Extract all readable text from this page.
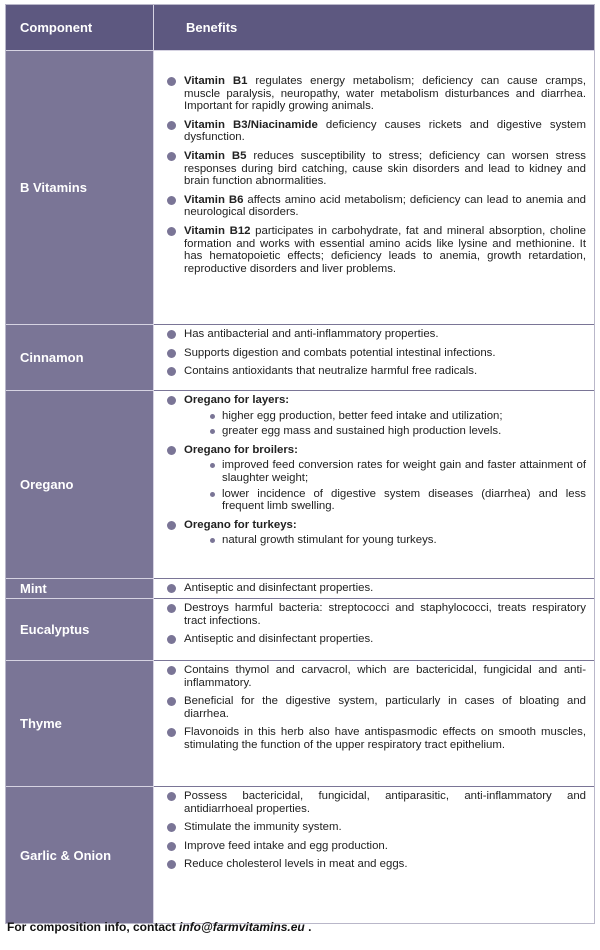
Component	Benefits
B Vitamins
Vitamin B1 regulates energy metabolism; deficiency can cause cramps, muscle paralysis, neuropathy, water metabolism disturbances and diarrhea. Important for rapidly growing animals.
Vitamin B3/Niacinamide deficiency causes rickets and digestive system dysfunction.
Vitamin B5 reduces susceptibility to stress; deficiency can worsen stress responses during bird catching, cause skin disorders and lead to kidney and brain function abnormalities.
Vitamin B6 affects amino acid metabolism; deficiency can lead to anemia and neurological disorders.
Vitamin B12 participates in carbohydrate, fat and mineral absorption, choline formation and works with essential amino acids like lysine and methionine. It has hematopoietic effects; deficiency leads to anemia, growth retardation, reproductive disorders and liver problems.
Cinnamon
Has antibacterial and anti-inflammatory properties.
Supports digestion and combats potential intestinal infections.
Contains antioxidants that neutralize harmful free radicals.
Oregano
Oregano for layers:
higher egg production, better feed intake and utilization;
greater egg mass and sustained high production levels.
Oregano for broilers:
improved feed conversion rates for weight gain and faster attainment of slaughter weight;
lower incidence of digestive system diseases (diarrhea) and less frequent limb swelling.
Oregano for turkeys:
natural growth stimulant for young turkeys.
Mint	Antiseptic and disinfectant properties.
Eucalyptus
Destroys harmful bacteria: streptococci and staphylococci, treats respiratory tract infections.
Antiseptic and disinfectant properties.
Thyme
Contains thymol and carvacrol, which are bactericidal, fungicidal and anti-inflammatory.
Beneficial for the digestive system, particularly in cases of bloating and diarrhea.
Flavonoids in this herb also have antispasmodic effects on smooth muscles, stimulating the function of the upper respiratory tract epithelium.
Garlic & Onion
Possess bactericidal, fungicidal, antiparasitic, anti-inflammatory and antidiarrhoeal properties.
Stimulate the immunity system.
Improve feed intake and egg production.
Reduce cholesterol levels in meat and eggs.
For composition info, contact info@farmvitamins.eu .
